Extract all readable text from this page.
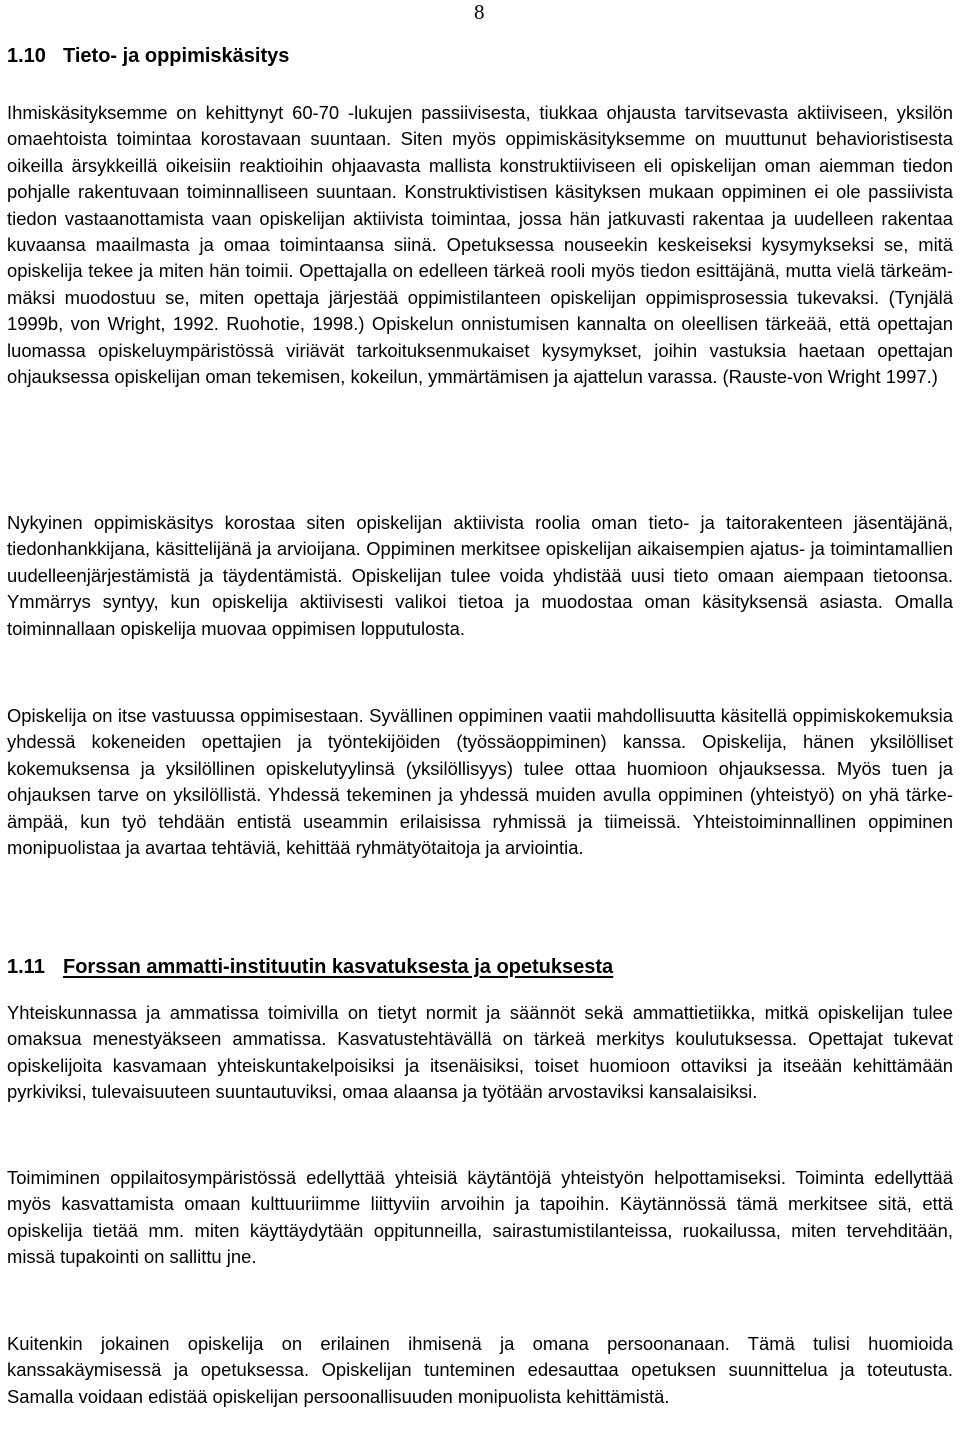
8
1.10 Tieto- ja oppimiskäsitys

Ihmiskäsityksemme on kehittynyt 60-70 -lukujen passiivisesta, tiukkaa ohjausta tarvitsevasta aktiiviseen, yksilön omaehtoista toimintaa korostavaan suuntaan. Siten myös oppimiskäsityksemme on muuttunut behavioristisesta oikeilla ärsykkeillä oikeisiin reaktioihin ohjaavasta mallista konstruktiiviseen eli opiskelijan oman aiemman tiedon pohjalle rakentuvaan toiminnalliseen suuntaan. Konstruktivistisen käsityksen mukaan oppiminen ei ole passiivista tiedon vastaanottamista vaan opiskelijan aktiivista toimintaa, jossa hän jatkuvasti rakentaa ja uudelleen rakentaa kuvaansa maailmasta ja omaa toimintaansa siinä. Opetuksessa nouseekin keskeiseksi kysymykseksi se, mitä opiskelija tekee ja miten hän toimii. Opettajalla on edelleen tärkeä rooli myös tiedon esittäjänä, mutta vielä tärkeämmäksi muodostuu se, miten opettaja järjestää oppimistilanteen opiskelijan oppimisprosessia tukevaksi. (Tynjälä 1999b, von Wright, 1992. Ruohotie, 1998.) Opiskelun onnistumisen kannalta on oleellisen tärkeää, että opettajan luomassa opiskeluympäristössä viriävät tarkoituksenmukaiset kysymykset, joihin vastuksia haetaan opettajan ohjauksessa opiskelijan oman tekemisen, kokeilun, ymmärtämisen ja ajattelun varassa. (Rauste-von Wright 1997.)

Nykyinen oppimiskäsitys korostaa siten opiskelijan aktiivista roolia oman tieto- ja taitorakenteen jäsentäjänä, tiedonhankkijana, käsittelijänä ja arvioijana. Oppiminen merkitsee opiskelijan aikaisempien ajatus- ja toimintamallien uudelleenjärjestämistä ja täydentämistä. Opiskelijan tulee voida yhdistää uusi tieto omaan aiempaan tietoonsa. Ymmärrys syntyy, kun opiskelija aktiivisesti valikoi tietoa ja muodostaa oman käsityksensä asiasta. Omalla toiminnallaan opiskelija muovaa oppimisen lopputulosta.

Opiskelija on itse vastuussa oppimisestaan. Syvällinen oppiminen vaatii mahdollisuutta käsitellä oppimiskokemuksia yhdessä kokeneiden opettajien ja työntekijöiden (työssäoppiminen) kanssa. Opiskelija, hänen yksilölliset kokemuksensa ja yksilöllinen opiskelutyylinsä (yksilöllisyys) tulee ottaa huomioon ohjauksessa. Myös tuen ja ohjauksen tarve on yksilöllistä. Yhdessä tekeminen ja yhdessä muiden avulla oppiminen (yhteistyö) on yhä tärkeämpää, kun työ tehdään entistä useammin erilaisissa ryhmissä ja tiimeissä. Yhteistoiminnallinen oppiminen monipuolistaa ja avartaa tehtäviä, kehittää ryhmätyötaitoja ja arviointia.

1.11 Forssan ammatti-instituutin kasvatuksesta ja opetuksesta

Yhteiskunnassa ja ammatissa toimivilla on tietyt normit ja säännöt sekä ammattietiikka, mitkä opiskelijan tulee omaksua menestyäkseen ammatissa. Kasvatustehtävällä on tärkeä merkitys koulutuksessa. Opettajat tukevat opiskelijoita kasvamaan yhteiskuntakelpoisiksi ja itsenäisiksi, toiset huomioon ottaviksi ja itseään kehittämään pyrkiviksi, tulevaisuuteen suuntautuviksi, omaa alaansa ja työtään arvostaviksi kansalaisiksi.

Toimiminen oppilaitosympäristössä edellyttää yhteisiä käytäntöjä yhteistyön helpottamiseksi. Toiminta edellyttää myös kasvattamista omaan kulttuuriimme liittyviin arvoihin ja tapoihin. Käytännössä tämä merkitsee sitä, että opiskelija tietää mm. miten käyttäydytään oppitunneilla, sairastumistilanteissa, ruokailussa, miten tervehditään, missä tupakointi on sallittu jne.

Kuitenkin jokainen opiskelija on erilainen ihmisenä ja omana persoonanaan. Tämä tulisi huomioida kanssakäymisessä ja opetuksessa. Opiskelijan tunteminen edesauttaa opetuksen suunnittelua ja toteutusta. Samalla voidaan edistää opiskelijan persoonallisuuden monipuolista kehittämistä.
